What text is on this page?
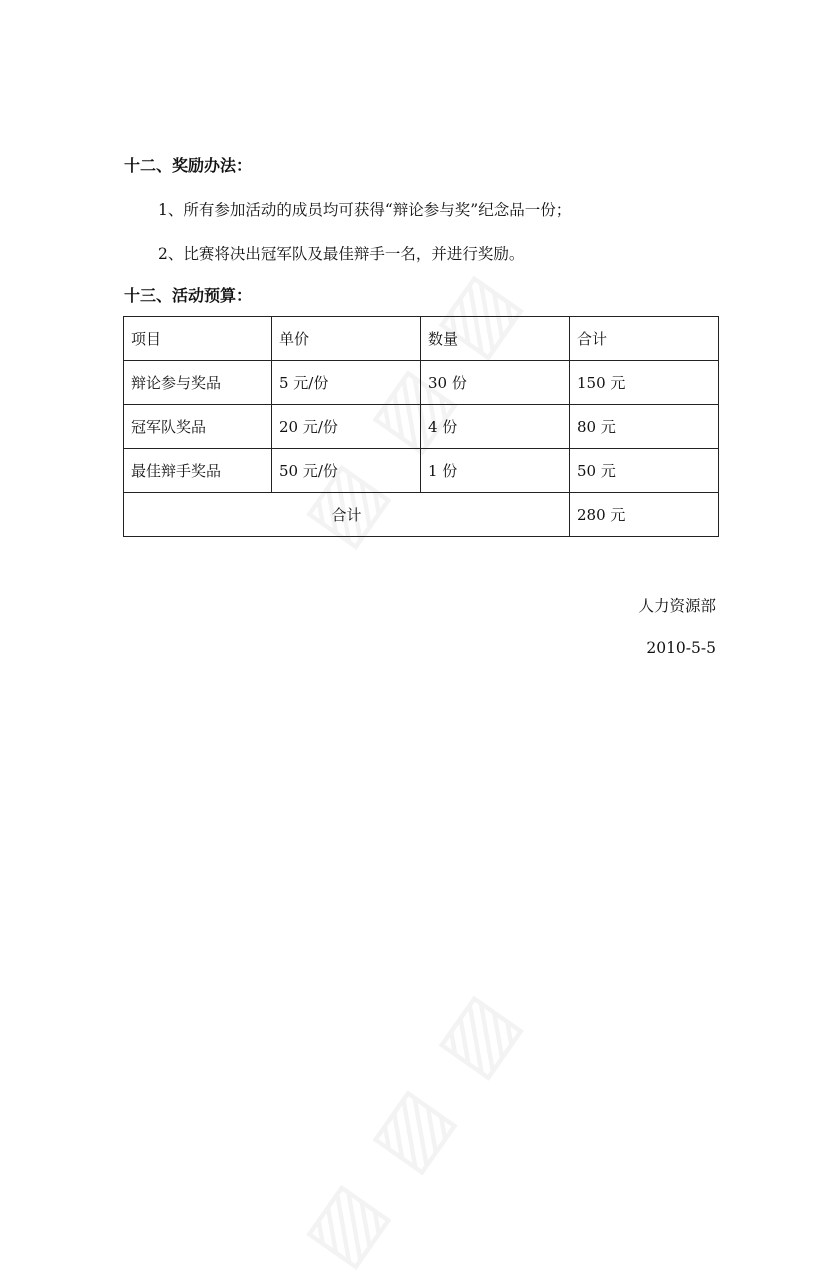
十二、奖励办法：
1、所有参加活动的成员均可获得“辩论参与奖”纪念品一份；
2、比赛将决出冠军队及最佳辩手一名，并进行奖励。
十三、活动预算：
项目	单价	数量	合计
辩论参与奖品	5 元/份	30 份	150 元
冠军队奖品	20 元/份	4 份	80 元
最佳辩手奖品	50 元/份	1 份	50 元
合计			280 元
人力资源部
2010-5-5
